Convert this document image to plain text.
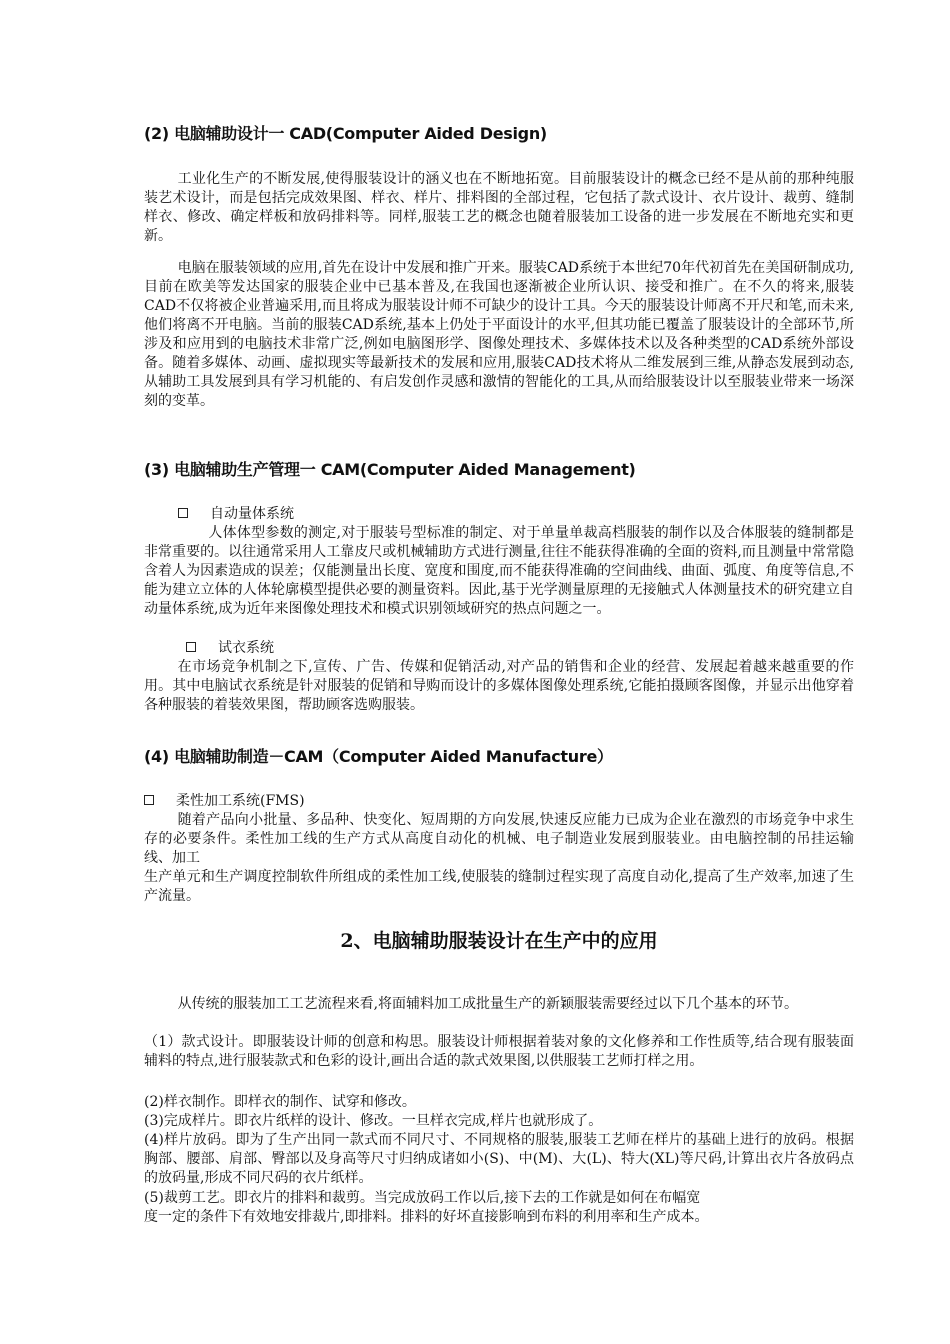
(2) 电脑辅助设计一 CAD(Computer Aided Design)

工业化生产的不断发展,使得服装设计的涵义也在不断地拓宽。目前服装设计的概念已经不是从前的那种纯服装艺术设计，而是包括完成效果图、样衣、样片、排料图的全部过程，它包括了款式设计、衣片设计、裁剪、缝制样衣、修改、确定样板和放码排料等。同样,服装工艺的概念也随着服装加工设备的进一步发展在不断地充实和更新。

电脑在服装领域的应用,首先在设计中发展和推广开来。服装CAD系统于本世纪70年代初首先在美国研制成功,目前在欧美等发达国家的服装企业中已基本普及,在我国也逐渐被企业所认识、接受和推广。在不久的将来,服装CAD不仅将被企业普遍采用,而且将成为服装设计师不可缺少的设计工具。今天的服装设计师离不开尺和笔,而未来,他们将离不开电脑。当前的服装CAD系统,基本上仍处于平面设计的水平,但其功能已覆盖了服装设计的全部环节,所涉及和应用到的电脑技术非常广泛,例如电脑图形学、图像处理技术、多媒体技术以及各种类型的CAD系统外部设备。随着多媒体、动画、虚拟现实等最新技术的发展和应用,服装CAD技术将从二维发展到三维,从静态发展到动态,从辅助工具发展到具有学习机能的、有启发创作灵感和激情的智能化的工具,从而给服装设计以至服装业带来一场深刻的变革。

(3) 电脑辅助生产管理一 CAM(Computer Aided Management)
自动量体系统

人体体型参数的测定,对于服装号型标准的制定、对于单量单裁高档服装的制作以及合体服装的缝制都是非常重要的。以往通常采用人工靠皮尺或机械辅助方式进行测量,往往不能获得准确的全面的资料,而且测量中常常隐含着人为因素造成的误差；仅能测量出长度、宽度和围度,而不能获得准确的空间曲线、曲面、弧度、角度等信息,不能为建立立体的人体轮廓模型提供必要的测量资料。因此,基于光学测量原理的无接触式人体测量技术的研究建立自动量体系统,成为近年来图像处理技术和模式识别领域研究的热点问题之一。

试衣系统

在市场竞争机制之下,宣传、广告、传媒和促销活动,对产品的销售和企业的经营、发展起着越来越重要的作用。其中电脑试衣系统是针对服装的促销和导购而设计的多媒体图像处理系统,它能拍摄顾客图像，并显示出他穿着各种服装的着装效果图，帮助顾客选购服装。

(4) 电脑辅助制造－CAM（Computer Aided Manufacture）
柔性加工系统(FMS)

随着产品向小批量、多品种、快变化、短周期的方向发展,快速反应能力已成为企业在激烈的市场竞争中求生存的必要条件。柔性加工线的生产方式从高度自动化的机械、电子制造业发展到服装业。由电脑控制的吊挂运输线、加工

生产单元和生产调度控制软件所组成的柔性加工线,使服装的缝制过程实现了高度自动化,提高了生产效率,加速了生产流量。

2、电脑辅助服装设计在生产中的应用

从传统的服装加工工艺流程来看,将面辅料加工成批量生产的新颖服装需要经过以下几个基本的环节。

（1）款式设计。即服装设计师的创意和构思。服装设计师根据着装对象的文化修养和工作性质等,结合现有服装面辅料的特点,进行服装款式和色彩的设计,画出合适的款式效果图,以供服装工艺师打样之用。

(2)样衣制作。即样衣的制作、试穿和修改。

(3)完成样片。即衣片纸样的设计、修改。一旦样衣完成,样片也就形成了。

(4)样片放码。即为了生产出同一款式而不同尺寸、不同规格的服装,服装工艺师在样片的基础上进行的放码。根据胸部、腰部、肩部、臀部以及身高等尺寸归纳成诸如小(S)、中(M)、大(L)、特大(XL)等尺码,计算出衣片各放码点的放码量,形成不同尺码的衣片纸样。

(5)裁剪工艺。即衣片的排料和裁剪。当完成放码工作以后,接下去的工作就是如何在布幅宽
度一定的条件下有效地安排裁片,即排料。排料的好坏直接影响到布料的利用率和生产成本。
